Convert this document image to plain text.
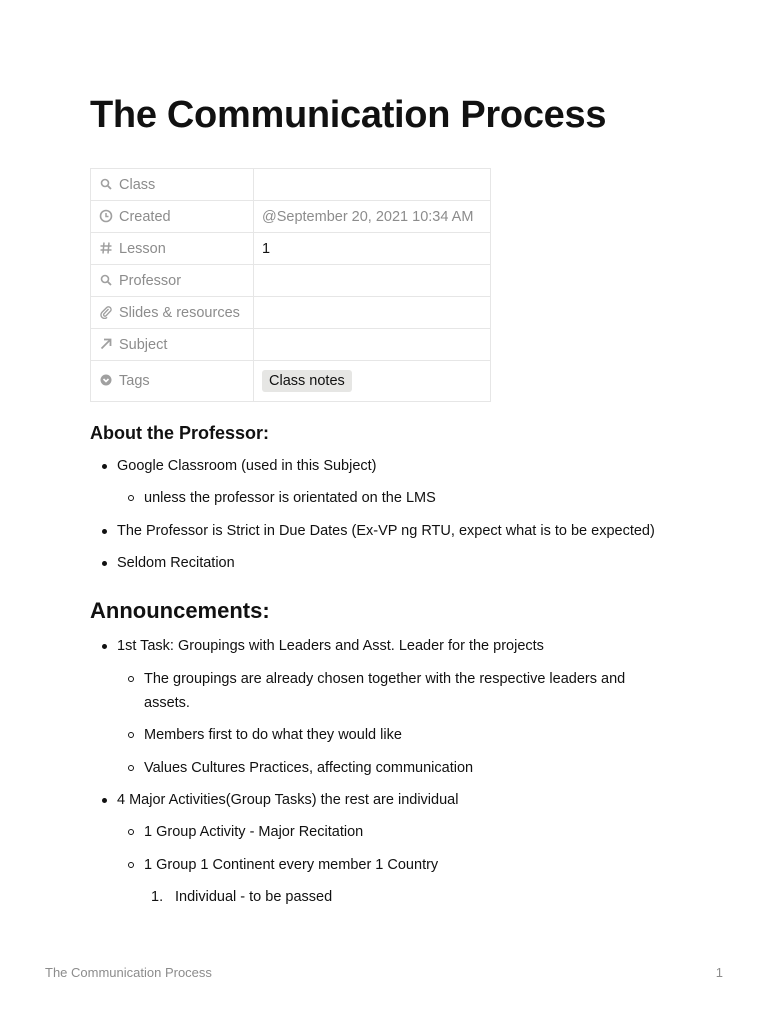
The Communication Process
Class	

Created	@September 20, 2021 10:34 AM

Lesson	1

Professor	

Slides & resources	

Subject	

Tags	Class notes
About the Professor:
Google Classroom (used in this Subject)
unless the professor is orientated on the LMS
The Professor is Strict in Due Dates (Ex-VP ng RTU, expect what is to be expected)
Seldom Recitation
Announcements:
1st Task: Groupings with Leaders and Asst. Leader for the projects
The groupings are already chosen together with the respective leaders and assets.
Members first to do what they would like
Values Cultures Practices, affecting communication
4 Major Activities(Group Tasks) the rest are individual
1 Group Activity - Major Recitation
1 Group 1 Continent every member 1 Country
1. Individual - to be passed
The Communication Process	1
